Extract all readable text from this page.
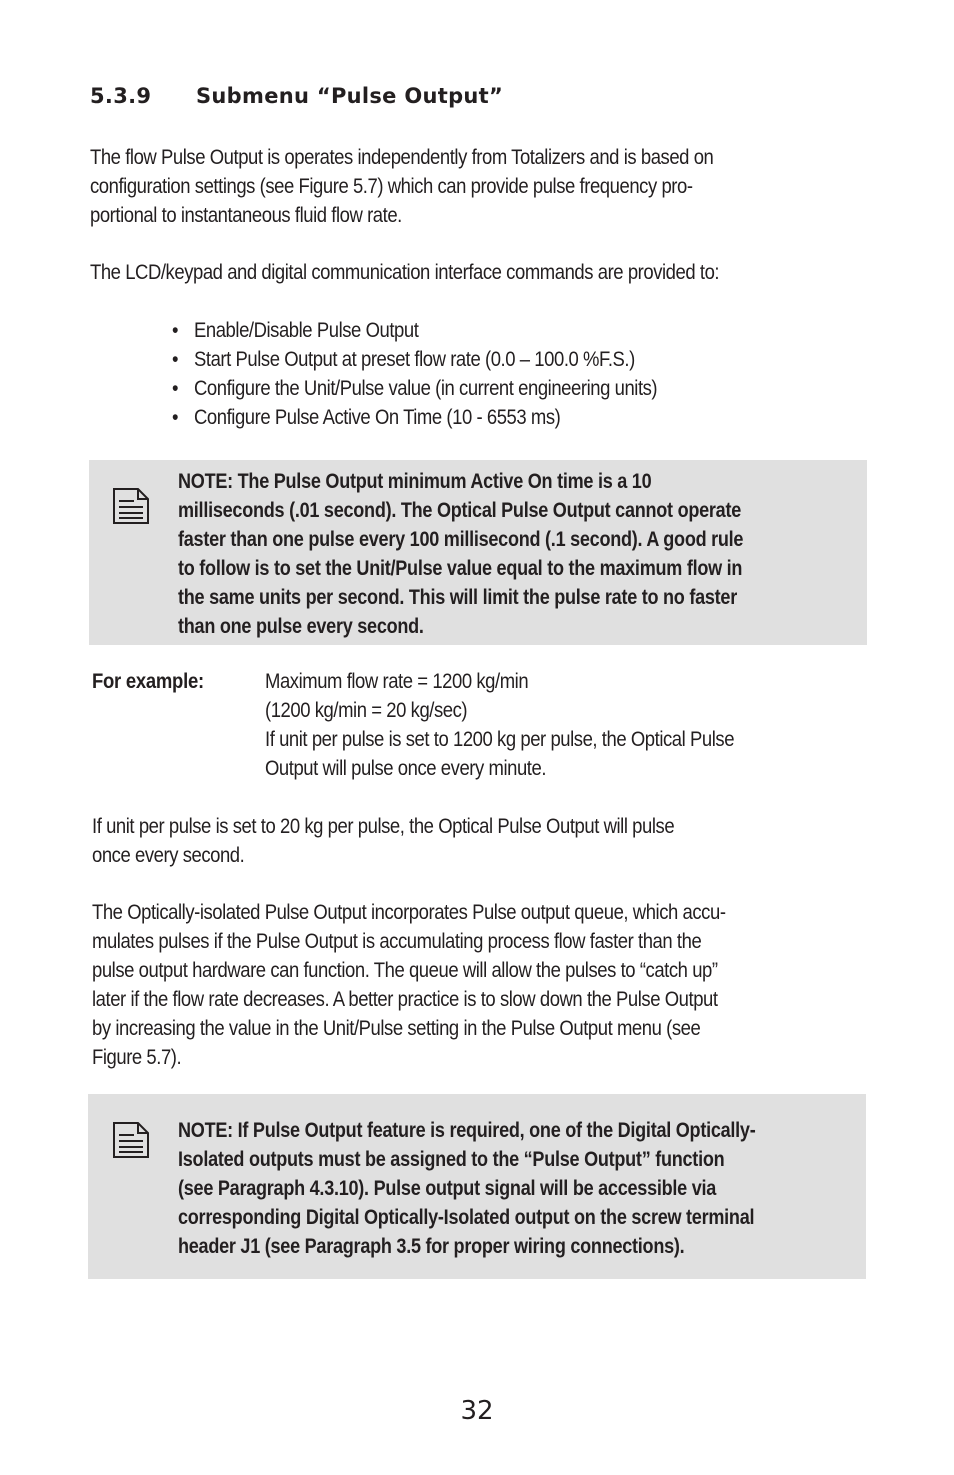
5.3.9 Submenu “Pulse Output”
The flow Pulse Output is operates independently from Totalizers and is based on
configuration settings (see Figure 5.7) which can provide pulse frequency pro-
portional to instantaneous fluid flow rate.
The LCD/keypad and digital communication interface commands are provided to:
• Enable/Disable Pulse Output
• Start Pulse Output at preset flow rate (0.0 – 100.0 %F.S.)
• Configure the Unit/Pulse value (in current engineering units)
• Configure Pulse Active On Time (10 - 6553 ms)
NOTE: The Pulse Output minimum Active On time is a 10
milliseconds (.01 second). The Optical Pulse Output cannot operate
faster than one pulse every 100 millisecond (.1 second). A good rule
to follow is to set the Unit/Pulse value equal to the maximum flow in
the same units per second. This will limit the pulse rate to no faster
than one pulse every second.
For example:	Maximum flow rate = 1200 kg/min
(1200 kg/min = 20 kg/sec)
If unit per pulse is set to 1200 kg per pulse, the Optical Pulse
Output will pulse once every minute.
If unit per pulse is set to 20 kg per pulse, the Optical Pulse Output will pulse
once every second.
The Optically-isolated Pulse Output incorporates Pulse output queue, which accu-
mulates pulses if the Pulse Output is accumulating process flow faster than the
pulse output hardware can function. The queue will allow the pulses to “catch up”
later if the flow rate decreases. A better practice is to slow down the Pulse Output
by increasing the value in the Unit/Pulse setting in the Pulse Output menu (see
Figure 5.7).
NOTE: If Pulse Output feature is required, one of the Digital Optically-
Isolated outputs must be assigned to the “Pulse Output” function
(see Paragraph 4.3.10). Pulse output signal will be accessible via
corresponding Digital Optically-Isolated output on the screw terminal
header J1 (see Paragraph 3.5 for proper wiring connections).
32
